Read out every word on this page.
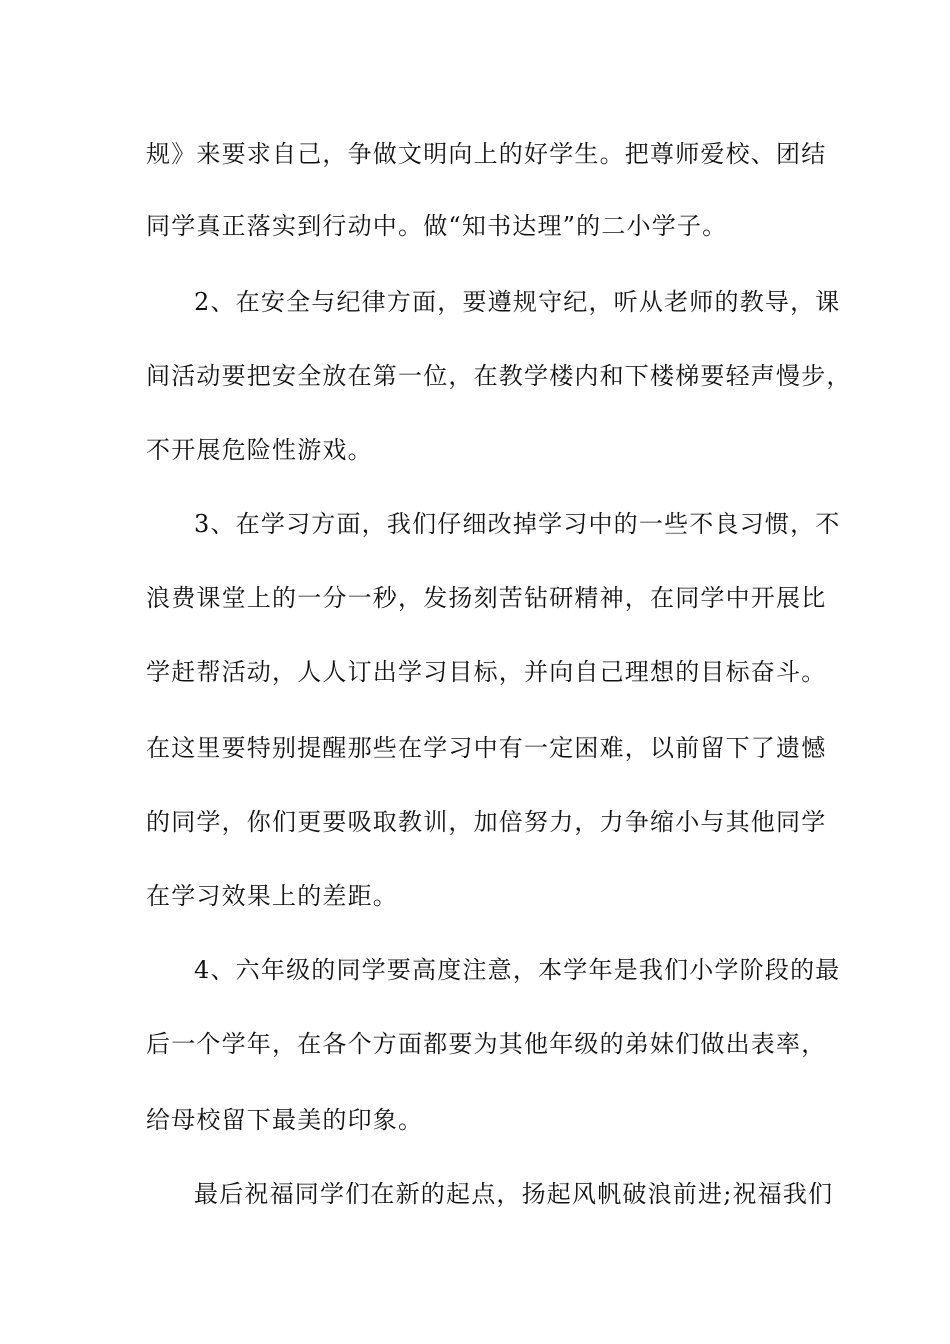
规》来要求自己，争做文明向上的好学生。把尊师爱校、团结
同学真正落实到行动中。做“知书达理”的二小学子。
2、在安全与纪律方面，要遵规守纪，听从老师的教导，课
间活动要把安全放在第一位，在教学楼内和下楼梯要轻声慢步，
不开展危险性游戏。
3、在学习方面，我们仔细改掉学习中的一些不良习惯，不
浪费课堂上的一分一秒，发扬刻苦钻研精神，在同学中开展比
学赶帮活动，人人订出学习目标，并向自己理想的目标奋斗。
在这里要特别提醒那些在学习中有一定困难，以前留下了遗憾
的同学，你们更要吸取教训，加倍努力，力争缩小与其他同学
在学习效果上的差距。
4、六年级的同学要高度注意，本学年是我们小学阶段的最
后一个学年，在各个方面都要为其他年级的弟妹们做出表率，
给母校留下最美的印象。
最后祝福同学们在新的起点，扬起风帆破浪前进;祝福我们
